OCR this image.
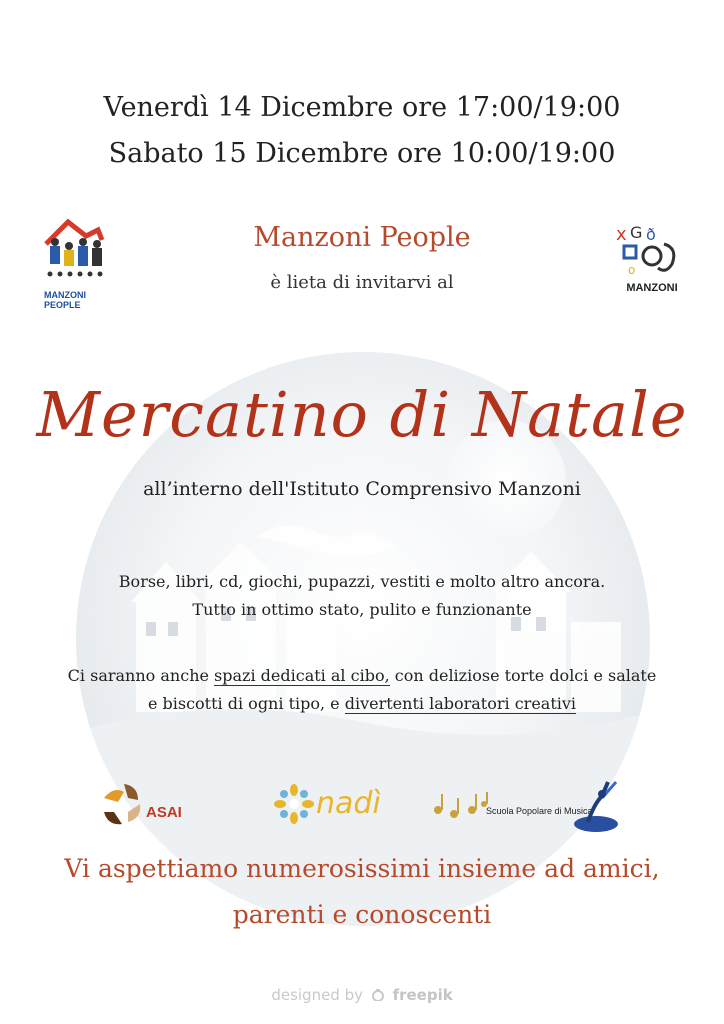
Venerdì 14 Dicembre ore 17:00/19:00
Sabato 15 Dicembre ore 10:00/19:00
MANZONI PEOPLE
x G ð
o
MANZONI
Manzoni People
è lieta di invitarvi al
Mercatino di Natale
all’interno dell'Istituto Comprensivo Manzoni
Borse, libri, cd, giochi, pupazzi, vestiti e molto altro ancora.
Tutto in ottimo stato, pulito e funzionante
Ci saranno anche spazi dedicati al cibo, con deliziose torte dolci e salate
e biscotti di ogni tipo, e divertenti laboratori creativi
ASAI	nadì	Scuola Popolare di Musica
Vi aspettiamo numerosissimi insieme ad amici,
parenti e conoscenti
designed by freepik
